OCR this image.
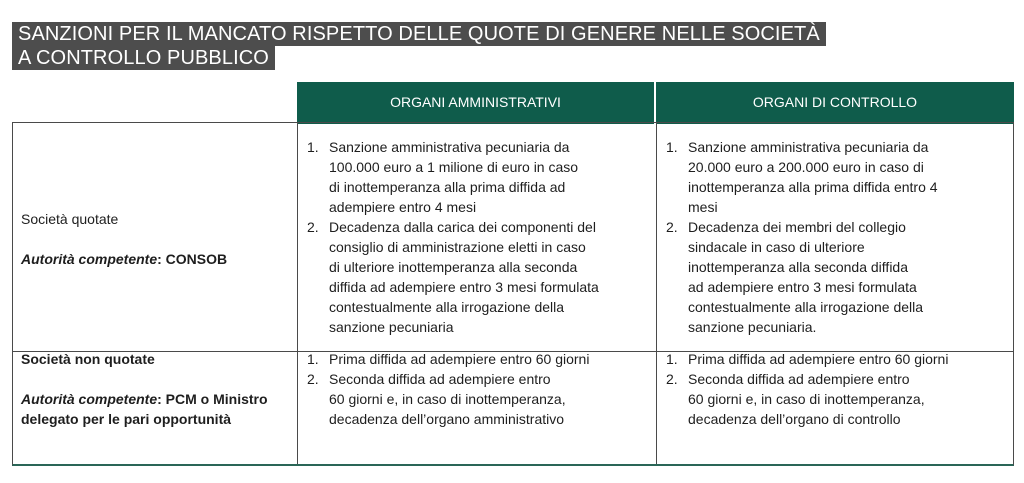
SANZIONI PER IL MANCATO RISPETTO DELLE QUOTE DI GENERE NELLE SOCIETÀ
A CONTROLLO PUBBLICO
ORGANI AMMINISTRATIVI	ORGANI DI CONTROLLO
Società quotate
Autorità competente: CONSOB
1. Sanzione amministrativa pecuniaria da
100.000 euro a 1 milione di euro in caso
di inottemperanza alla prima diffida ad
adempiere entro 4 mesi
2. Decadenza dalla carica dei componenti del
consiglio di amministrazione eletti in caso
di ulteriore inottemperanza alla seconda
diffida ad adempiere entro 3 mesi formulata
contestualmente alla irrogazione della
sanzione pecuniaria
1. Sanzione amministrativa pecuniaria da
20.000 euro a 200.000 euro in caso di
inottemperanza alla prima diffida entro 4
mesi
2. Decadenza dei membri del collegio
sindacale in caso di ulteriore
inottemperanza alla seconda diffida
ad adempiere entro 3 mesi formulata
contestualmente alla irrogazione della
sanzione pecuniaria.
Società non quotate
Autorità competente: PCM o Ministro
delegato per le pari opportunità
1. Prima diffida ad adempiere entro 60 giorni
2. Seconda diffida ad adempiere entro
60 giorni e, in caso di inottemperanza,
decadenza dell’organo amministrativo
1. Prima diffida ad adempiere entro 60 giorni
2. Seconda diffida ad adempiere entro
60 giorni e, in caso di inottemperanza,
decadenza dell’organo di controllo
